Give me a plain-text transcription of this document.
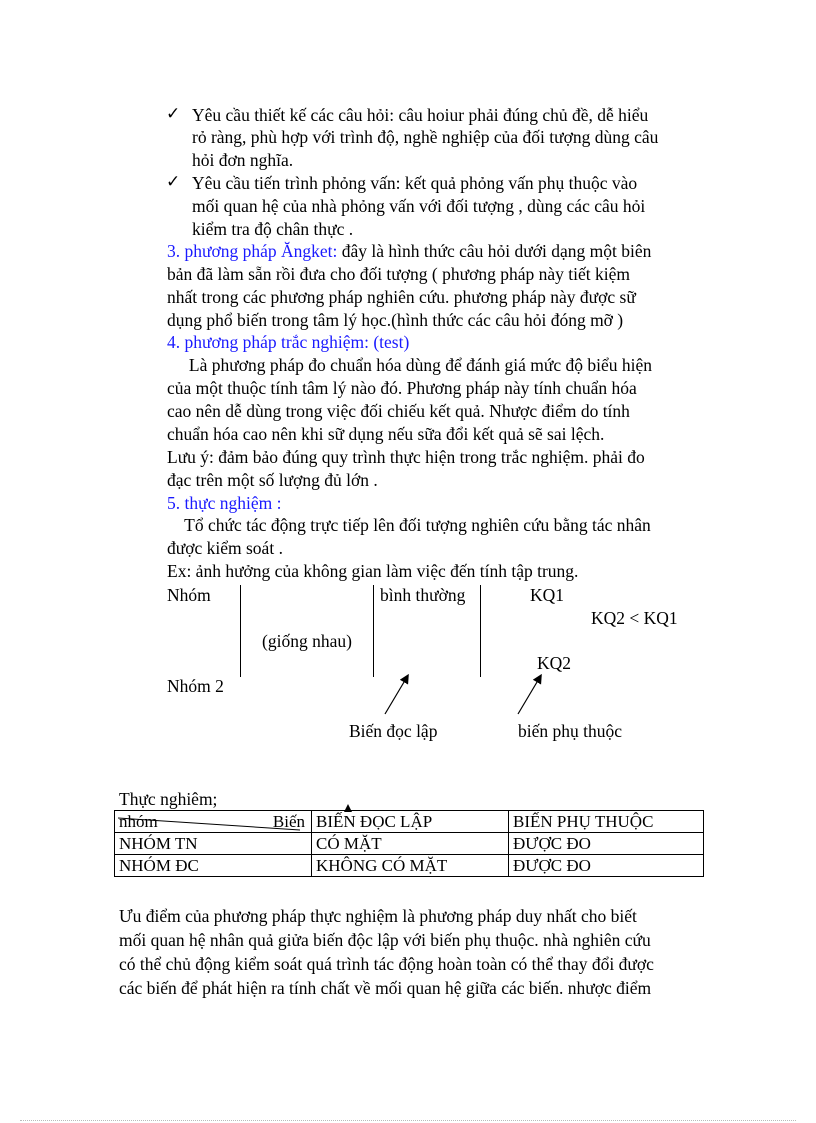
✓ Yêu cầu thiết kế các câu hỏi: câu hoiur phải đúng chủ đề, dễ hiểu
rỏ ràng, phù hợp với trình độ, nghề nghiệp của đối tượng dùng câu
hỏi đơn nghĩa.
✓ Yêu cầu tiến trình phỏng vấn: kết quả phỏng vấn phụ thuộc vào
mối quan hệ của nhà phỏng vấn với đối tượng , dùng các câu hỏi
kiểm tra độ chân thực .
3. phương pháp Ăngket: đây là hình thức câu hỏi dưới dạng một biên
bản đã làm sẵn rồi đưa cho đối tượng ( phương pháp này tiết kiệm
nhất trong các phương pháp nghiên cứu. phương pháp này được sữ
dụng phổ biến trong tâm lý học.(hình thức các câu hỏi đóng mỡ )
4. phương pháp trắc nghiệm: (test)
Là phương pháp đo chuẩn hóa dùng để đánh giá mức độ biểu hiện
của một thuộc tính tâm lý nào đó. Phương pháp này tính chuẩn hóa
cao nên dễ dùng trong việc đối chiếu kết quả. Nhược điểm do tính
chuẩn hóa cao nên khi sữ dụng nếu sữa đổi kết quả sẽ sai lệch.
Lưu ý: đảm bảo đúng quy trình thực hiện trong trắc nghiệm. phải đo
đạc trên một số lượng đủ lớn .
5. thực nghiệm :
Tổ chức tác động trực tiếp lên đối tượng nghiên cứu bằng tác nhân
được kiểm soát .
Ex: ảnh hưởng của không gian làm việc đến tính tập trung.
Nhóm	bình thường	KQ1
KQ2 < KQ1
(giống nhau)
KQ2
Nhóm 2
Biến đọc lập	biến phụ thuộc
Thực nghiêm;
nhóm Biến	BIẾN ĐỌC LẬP	BIẾN PHỤ THUỘC
NHÓM TN	CÓ MẶT	ĐƯỢC ĐO
NHÓM ĐC	KHÔNG CÓ MẶT	ĐƯỢC ĐO
Ưu điểm của phương pháp thực nghiệm là phương pháp duy nhất cho biết
mối quan hệ nhân quả giửa biến độc lập với biến phụ thuộc. nhà nghiên cứu
có thể chủ động kiểm soát quá trình tác động hoàn toàn có thể thay đổi được
các biến để phát hiện ra tính chất về mối quan hệ giữa các biến. nhược điểm
